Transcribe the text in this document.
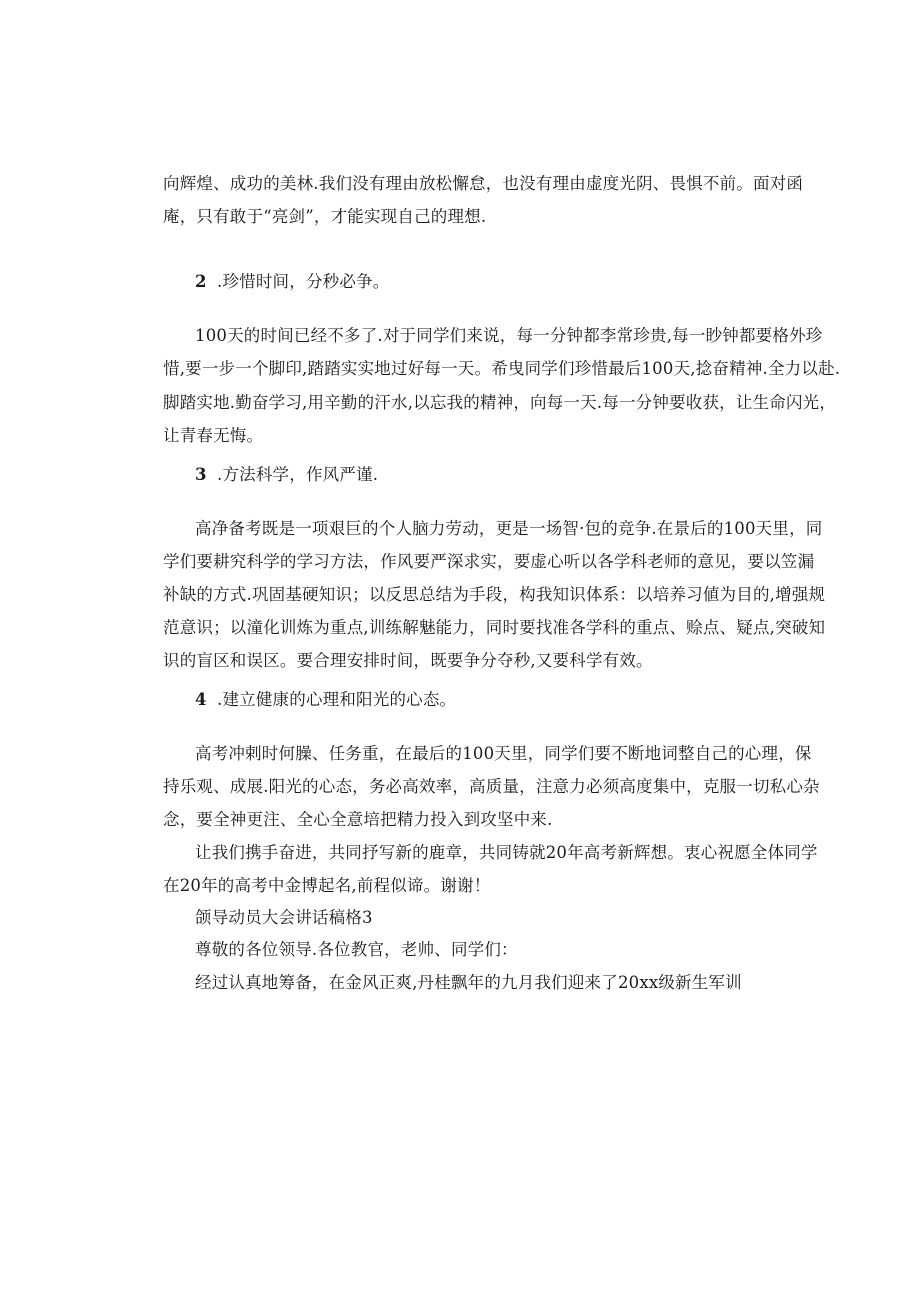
向辉煌、成功的美林.我们没有理由放松懈怠，也没有理由虚度光阴、畏惧不前。面对函
庵，只有敢于“亮剑”，才能实现自己的理想.
2 .珍惜时间，分秒必争。
100天的时间已经不多了.对于同学们来说，每一分钟都李常珍贵,每一眇钟都要格外珍
惜,要一步一个脚印,踏踏实实地过好每一天。希曳同学们珍惜最后100天,捻奋精神.全力以赴.
脚踏实地.勤奋学习,用辛勤的汗水,以忘我的精神，向每一天.每一分钟要收获，让生命闪光，
让青春无悔。
3 .方法科学，作风严谨.
高净备考既是一项艰巨的个人脑力劳动，更是一场智·包的竞争.在景后的100天里，同
学们要耕究科学的学习方法，作风要严深求实，要虚心听以各学科老师的意见，要以笠漏
补缺的方式.巩固基硬知识；以反思总结为手段，构我知识体系：以培养习値为目的,增强规
范意识；以潼化训炼为重点,训练解魅能力，同时要找准各学科的重点、赊点、疑点,突破知
识的盲区和误区。要合理安排时间，既要争分夺秒,又要科学有效。
4 .建立健康的心理和阳光的心态。
高考冲剌时何臊、任务重，在最后的100天里，同学们要不断地词整自己的心理，保
持乐观、成展.阳光的心态，务必高效率，高质量，注意力必须高度集中，克服一切私心杂
念，要全神更注、全心全意培把精力投入到攻坚中来.
让我们携手奋进，共同抒写新的鹿章，共同铸就20年高考新辉想。衷心祝愿全体同学
在20年的高考中金博起名,前程似谛。谢谢！
颌导动员大会讲话稿格3
尊敬的各位领导.各位教官，老帅、同学们：
经过认真地筹备，在金风正爽,丹桂飘年的九月我们迎来了20xx级新生军训
